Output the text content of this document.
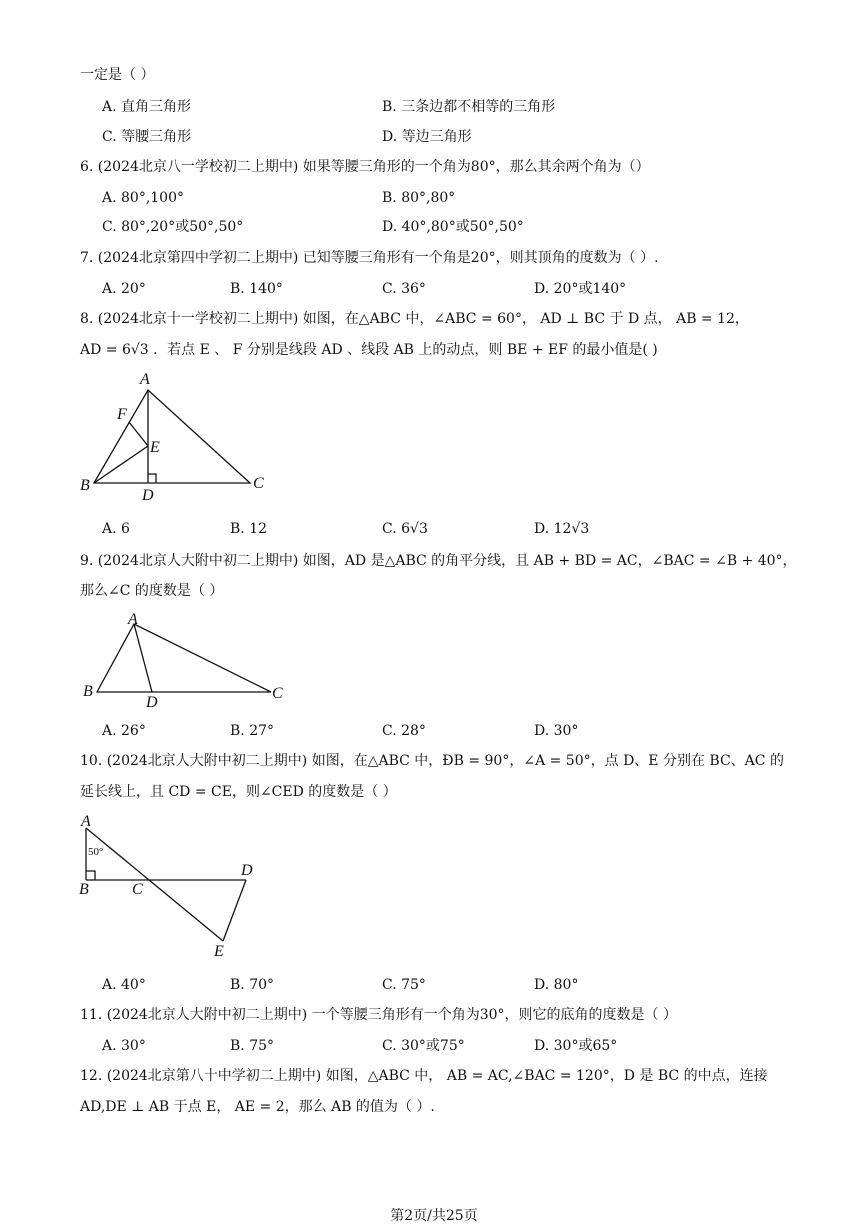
一定是（ ）
A. 直角三角形	B. 三条边都不相等的三角形
C. 等腰三角形	D. 等边三角形
6. (2024北京八一学校初二上期中) 如果等腰三角形的一个角为80°，那么其余两个角为（）
A. 80°,100°	B. 80°,80°
C. 80°,20°或50°,50°	D. 40°,80°或50°,50°
7. (2024北京第四中学初二上期中) 已知等腰三角形有一个角是20°，则其顶角的度数为（ ）.
A. 20°	B. 140°	C. 36°	D. 20°或140°
8. (2024北京十一学校初二上期中) 如图，在△ABC 中，∠ABC = 60°， AD ⊥ BC 于 D 点， AB = 12，
AD = 6√3 ．若点 E 、 F 分别是线段 AD 、线段 AB 上的动点，则 BE + EF 的最小值是( )
A
F
E
B
D
C
A. 6	B. 12	C. 6√3	D. 12√3
9. (2024北京人大附中初二上期中) 如图，AD 是△ABC 的角平分线，且 AB + BD = AC，∠BAC = ∠B + 40°，
那么∠C 的度数是（ ）
A
B
D
C
A. 26°	B. 27°	C. 28°	D. 30°
10. (2024北京人大附中初二上期中) 如图，在△ABC 中，ÐB = 90°，∠A = 50°，点 D、E 分别在 BC、AC 的
延长线上，且 CD = CE，则∠CED 的度数是（ ）
50°
A
B	C
D
E
A. 40°	B. 70°	C. 75°	D. 80°
11. (2024北京人大附中初二上期中) 一个等腰三角形有一个角为30°，则它的底角的度数是（ ）
A. 30°	B. 75°	C. 30°或75°	D. 30°或65°
12. (2024北京第八十中学初二上期中) 如图，△ABC 中， AB = AC,∠BAC = 120°，D 是 BC 的中点，连接
AD,DE ⊥ AB 于点 E， AE = 2，那么 AB 的值为（ ）.
第2页/共25页
